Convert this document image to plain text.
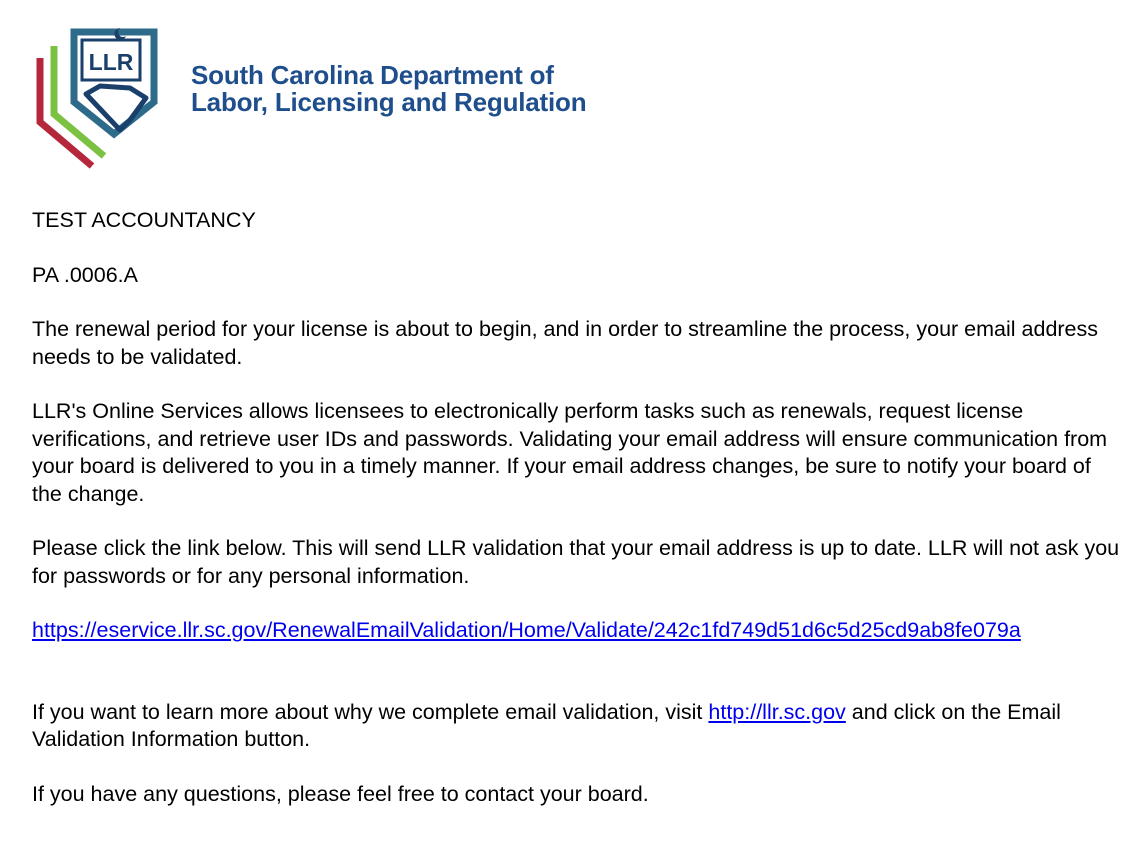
LLR South Carolina Department of
Labor, Licensing and Regulation

TEST ACCOUNTANCY

PA .0006.A

The renewal period for your license is about to begin, and in order to streamline the process, your email address needs to be validated.

LLR's Online Services allows licensees to electronically perform tasks such as renewals, request license verifications, and retrieve user IDs and passwords. Validating your email address will ensure communication from your board is delivered to you in a timely manner. If your email address changes, be sure to notify your board of the change.

Please click the link below. This will send LLR validation that your email address is up to date. LLR will not ask you for passwords or for any personal information.

https://eservice.llr.sc.gov/RenewalEmailValidation/Home/Validate/242c1fd749d51d6c5d25cd9ab8fe079a

If you want to learn more about why we complete email validation, visit http://llr.sc.gov and click on the Email Validation Information button.

If you have any questions, please feel free to contact your board.
